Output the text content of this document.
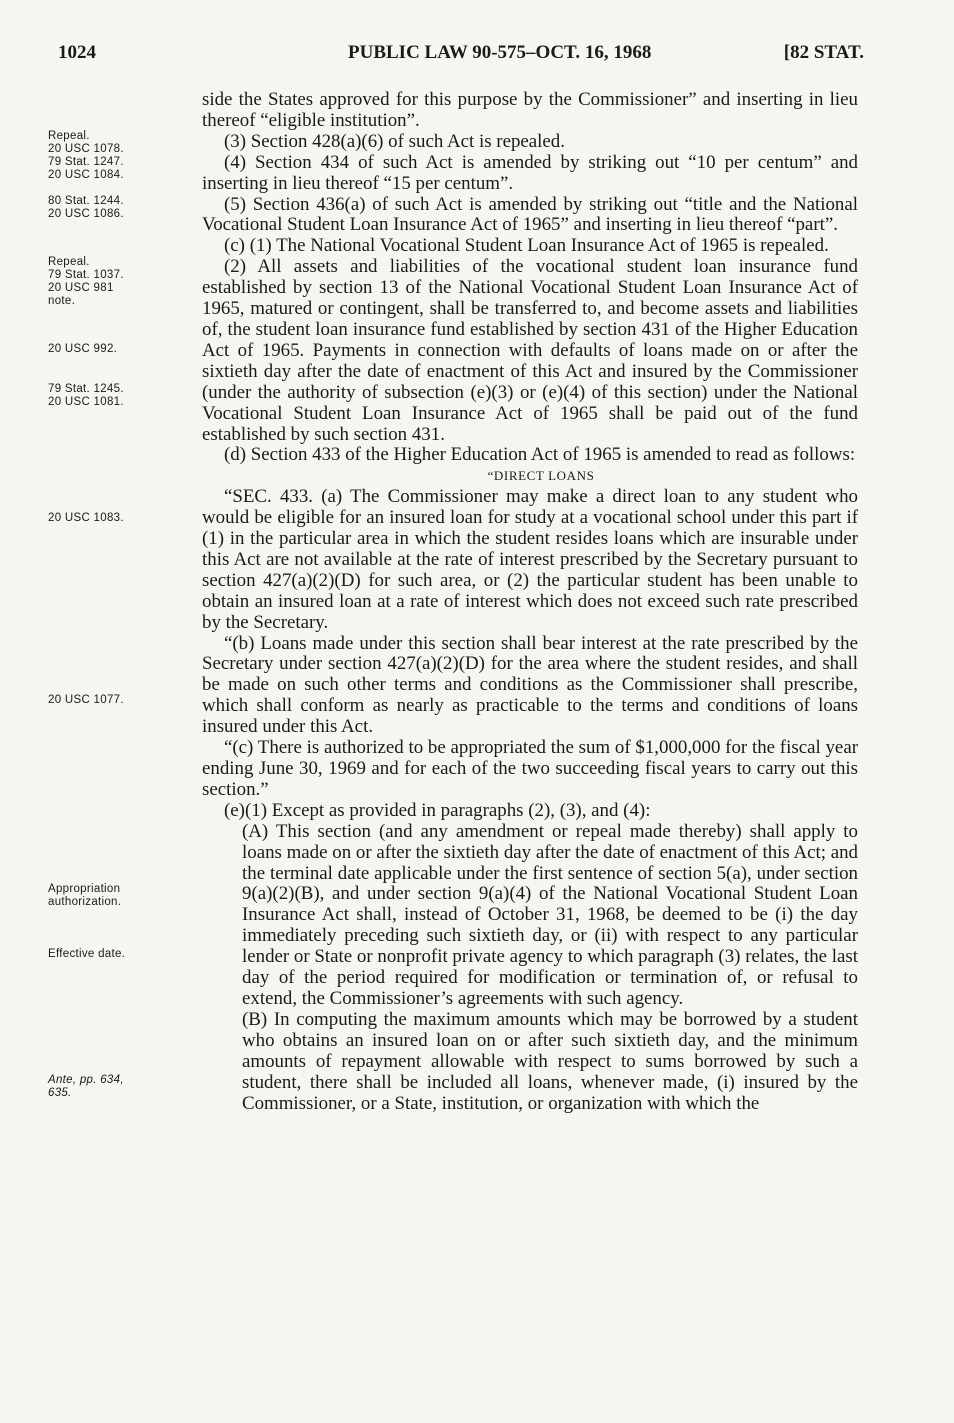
1024	PUBLIC LAW 90-575–OCT. 16, 1968	[82 STAT.
Repeal.
20 USC 1078.
79 Stat. 1247.
20 USC 1084.
80 Stat. 1244.
20 USC 1086.
Repeal.
79 Stat. 1037.
20 USC 981
note.
20 USC 992.
79 Stat. 1245.
20 USC 1081.
20 USC 1083.
20 USC 1077.
Appropriation
authorization.
Effective date.
Ante, pp. 634,
635.

side the States approved for this purpose by the Commissioner” and inserting in lieu thereof “eligible institution”.

(3) Section 428(a)(6) of such Act is repealed.

(4) Section 434 of such Act is amended by striking out “10 per centum” and inserting in lieu thereof “15 per centum”.

(5) Section 436(a) of such Act is amended by striking out “title and the National Vocational Student Loan Insurance Act of 1965” and inserting in lieu thereof “part”.

(c) (1) The National Vocational Student Loan Insurance Act of 1965 is repealed.

(2) All assets and liabilities of the vocational student loan insurance fund established by section 13 of the National Vocational Student Loan Insurance Act of 1965, matured or contingent, shall be transferred to, and become assets and liabilities of, the student loan insurance fund established by section 431 of the Higher Education Act of 1965. Payments in connection with defaults of loans made on or after the sixtieth day after the date of enactment of this Act and insured by the Commissioner (under the authority of subsection (e)(3) or (e)(4) of this section) under the National Vocational Student Loan Insurance Act of 1965 shall be paid out of the fund established by such section 431.

(d) Section 433 of the Higher Education Act of 1965 is amended to read as follows:

“DIRECT LOANS

“SEC. 433. (a) The Commissioner may make a direct loan to any student who would be eligible for an insured loan for study at a vocational school under this part if (1) in the particular area in which the student resides loans which are insurable under this Act are not available at the rate of interest prescribed by the Secretary pursuant to section 427(a)(2)(D) for such area, or (2) the particular student has been unable to obtain an insured loan at a rate of interest which does not exceed such rate prescribed by the Secretary.

“(b) Loans made under this section shall bear interest at the rate prescribed by the Secretary under section 427(a)(2)(D) for the area where the student resides, and shall be made on such other terms and conditions as the Commissioner shall prescribe, which shall conform as nearly as practicable to the terms and conditions of loans insured under this Act.

“(c) There is authorized to be appropriated the sum of $1,000,000 for the fiscal year ending June 30, 1969 and for each of the two succeeding fiscal years to carry out this section.”

(e)(1) Except as provided in paragraphs (2), (3), and (4):

(A) This section (and any amendment or repeal made thereby) shall apply to loans made on or after the sixtieth day after the date of enactment of this Act; and the terminal date applicable under the first sentence of section 5(a), under section 9(a)(2)(B), and under section 9(a)(4) of the National Vocational Student Loan Insurance Act shall, instead of October 31, 1968, be deemed to be (i) the day immediately preceding such sixtieth day, or (ii) with respect to any particular lender or State or nonprofit private agency to which paragraph (3) relates, the last day of the period required for modification or termination of, or refusal to extend, the Commissioner’s agreements with such agency.

(B) In computing the maximum amounts which may be borrowed by a student who obtains an insured loan on or after such sixtieth day, and the minimum amounts of repayment allowable with respect to sums borrowed by such a student, there shall be included all loans, whenever made, (i) insured by the Commissioner, or a State, institution, or organization with which the
